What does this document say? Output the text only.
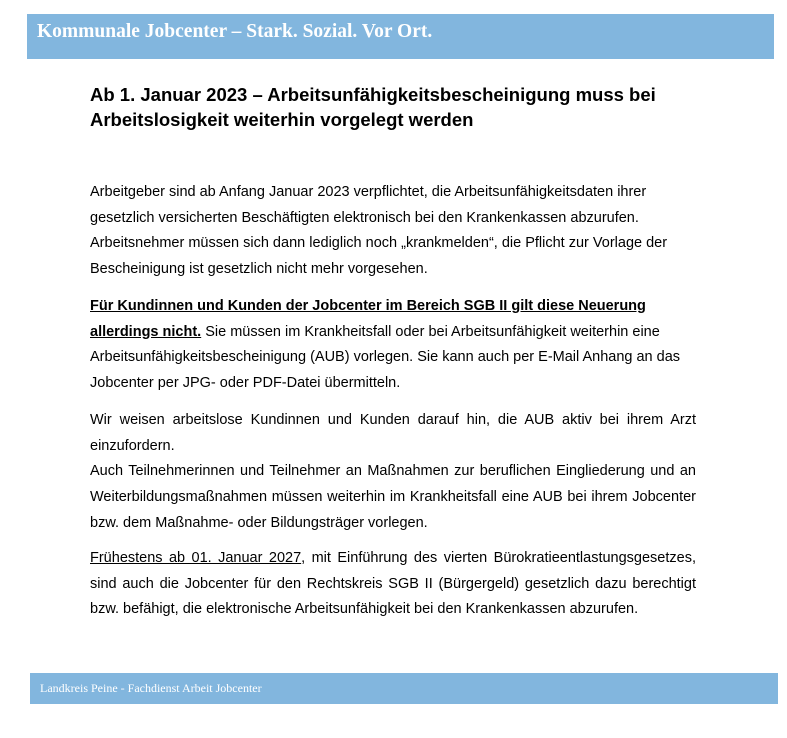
Kommunale Jobcenter – Stark. Sozial. Vor Ort.
Ab 1. Januar 2023 – Arbeitsunfähigkeitsbescheinigung muss bei Arbeitslosigkeit weiterhin vorgelegt werden

Arbeitgeber sind ab Anfang Januar 2023 verpflichtet, die Arbeitsunfähigkeitsdaten ihrer gesetzlich versicherten Beschäftigten elektronisch bei den Krankenkassen abzurufen. Arbeitsnehmer müssen sich dann lediglich noch „krankmelden“, die Pflicht zur Vorlage der Bescheinigung ist gesetzlich nicht mehr vorgesehen.

Für Kundinnen und Kunden der Jobcenter im Bereich SGB II gilt diese Neuerung allerdings nicht. Sie müssen im Krankheitsfall oder bei Arbeitsunfähigkeit weiterhin eine Arbeitsunfähigkeitsbescheinigung (AUB) vorlegen. Sie kann auch per E-Mail Anhang an das Jobcenter per JPG- oder PDF-Datei übermitteln.

Wir weisen arbeitslose Kundinnen und Kunden darauf hin, die AUB aktiv bei ihrem Arzt einzufordern.
Auch Teilnehmerinnen und Teilnehmer an Maßnahmen zur beruflichen Eingliederung und an Weiterbildungsmaßnahmen müssen weiterhin im Krankheitsfall eine AUB bei ihrem Jobcenter bzw. dem Maßnahme- oder Bildungsträger vorlegen.

Frühestens ab 01. Januar 2027, mit Einführung des vierten Bürokratieentlastungsgesetzes, sind auch die Jobcenter für den Rechtskreis SGB II (Bürgergeld) gesetzlich dazu berechtigt bzw. befähigt, die elektronische Arbeitsunfähigkeit bei den Krankenkassen abzurufen.

Landkreis Peine - Fachdienst Arbeit Jobcenter
